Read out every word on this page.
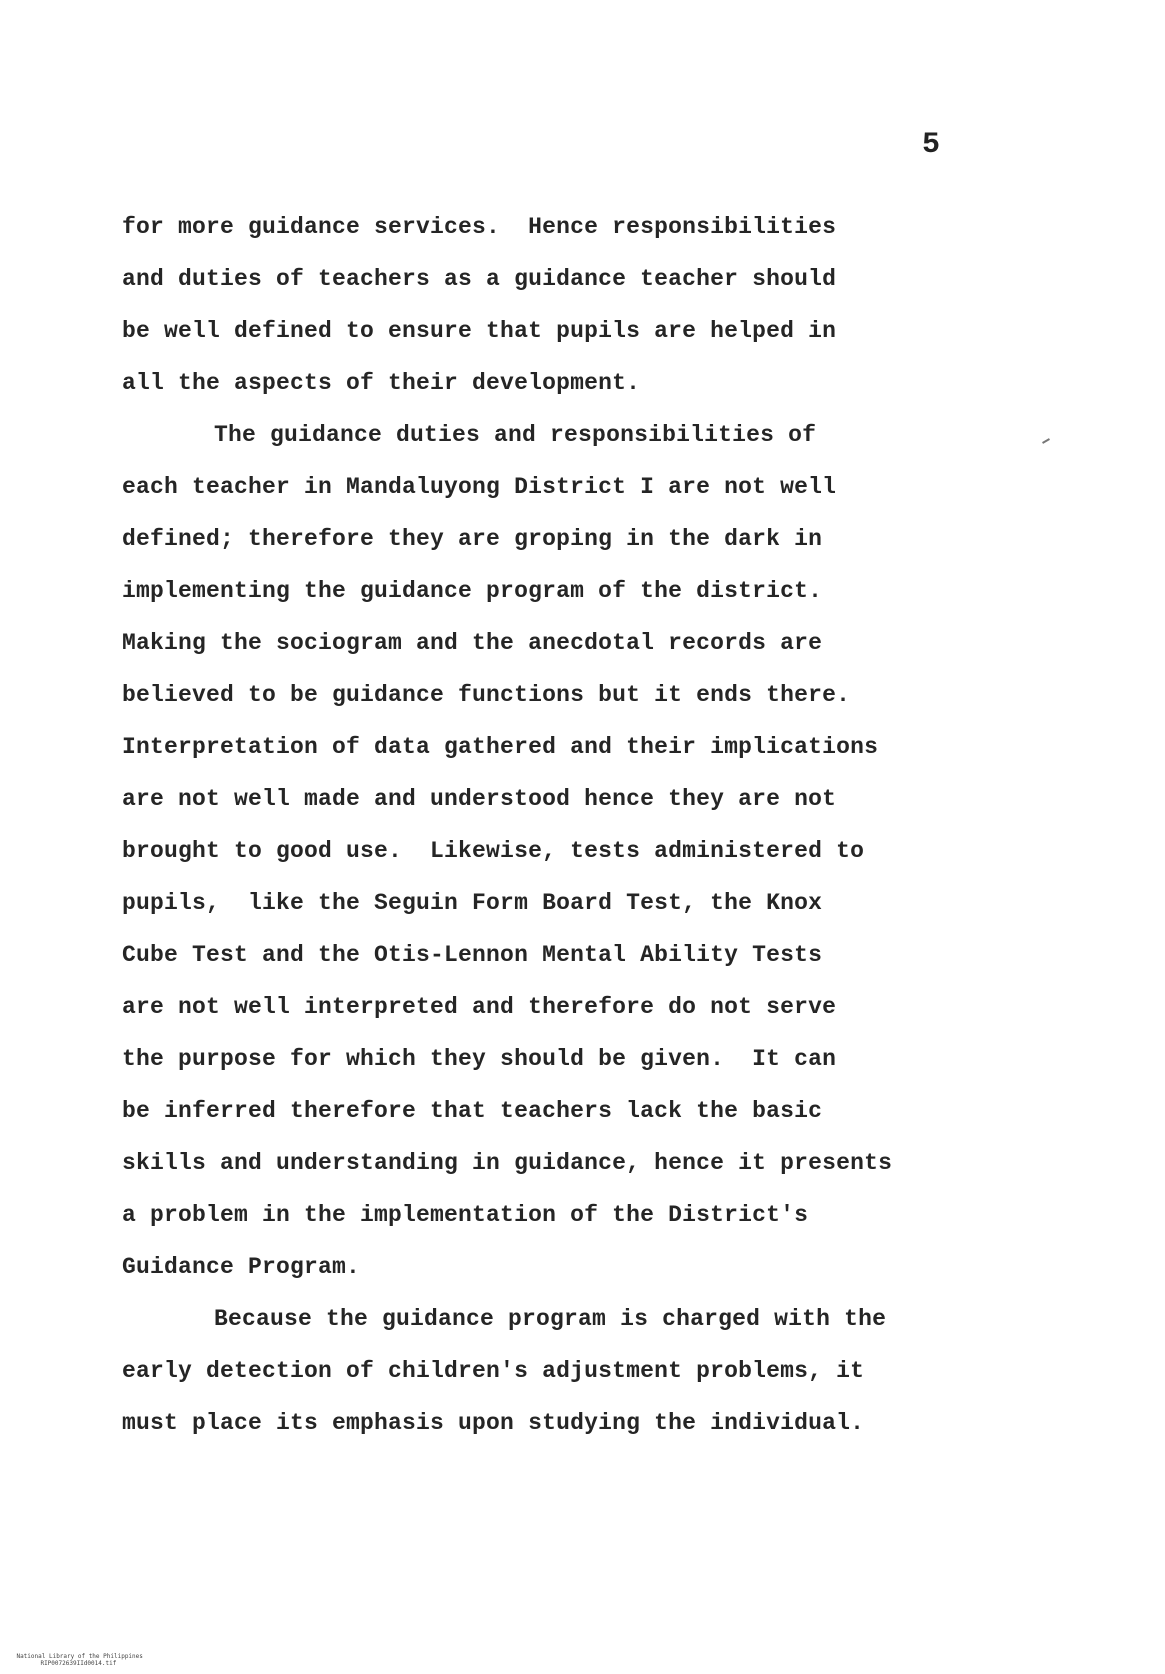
5
for more guidance services.  Hence responsibilities
and duties of teachers as a guidance teacher should
be well defined to ensure that pupils are helped in
all the aspects of their development.
The guidance duties and responsibilities of
each teacher in Mandaluyong District I are not well
defined; therefore they are groping in the dark in
implementing the guidance program of the district.
Making the sociogram and the anecdotal records are
believed to be guidance functions but it ends there.
Interpretation of data gathered and their implications
are not well made and understood hence they are not
brought to good use.  Likewise, tests administered to
pupils,  like the Seguin Form Board Test, the Knox
Cube Test and the Otis-Lennon Mental Ability Tests
are not well interpreted and therefore do not serve
the purpose for which they should be given.  It can
be inferred therefore that teachers lack the basic
skills and understanding in guidance, hence it presents
a problem in the implementation of the District's
Guidance Program.
Because the guidance program is charged with the
early detection of children's adjustment problems, it
must place its emphasis upon studying the individual.

National Library of the Philippines
RIP0072639IId0014.tif
